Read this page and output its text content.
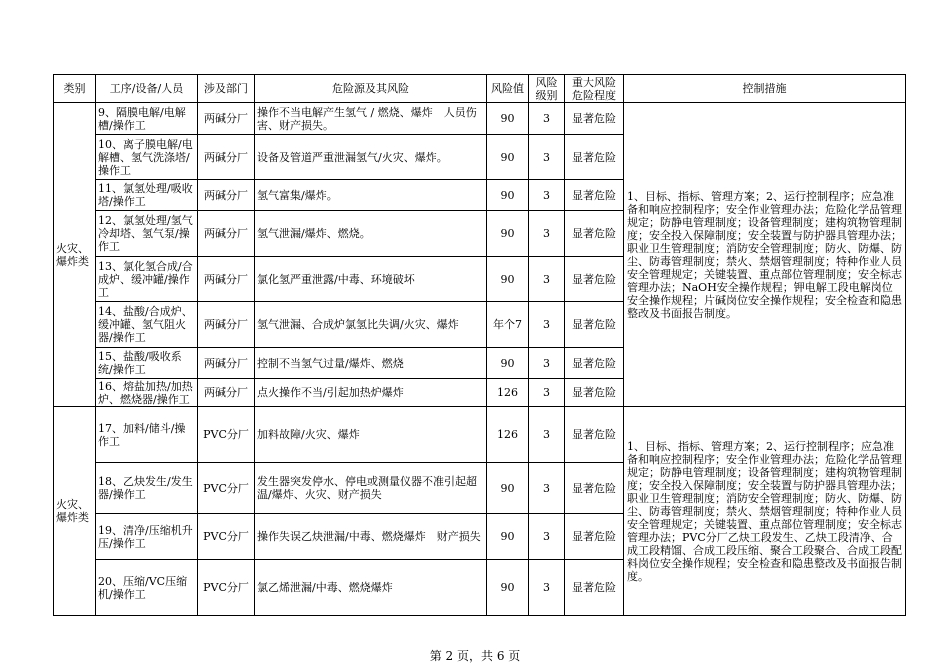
类别	工序/设备/人员	涉及部门	危险源及其风险	风险值	风险级别	重大风险危险程度	控制措施
火灾、爆炸类	9、隔膜电解/电解槽/操作工	两碱分厂	操作不当电解产生氢气 / 燃烧、爆炸　人员伤害、财产损失。	90	3	显著危险	1、目标、指标、管理方案；2、运行控制程序；应急准备和响应控制程序；安全作业管理办法；危险化学品管理规定；防静电管理制度；设备管理制度；建构筑物管理制度；安全投入保障制度；安全装置与防护器具管理办法；职业卫生管理制度；消防安全管理制度；防火、防爆、防尘、防毒管理制度；禁火、禁烟管理制度；特种作业人员安全管理规定；关键装置、重点部位管理制度；安全标志管理办法；NaOH安全操作规程；钾电解工段电解岗位安全操作规程；片碱岗位安全操作规程；安全检查和隐患整改及书面报告制度。
	10、离子膜电解/电解槽、氢气洗涤塔/操作工	两碱分厂	设备及管道严重泄漏氢气/火灾、爆炸。	90	3	显著危险	
	11、氯氢处理/吸收塔/操作工	两碱分厂	氢气富集/爆炸。	90	3	显著危险	
	12、氯氢处理/氢气冷却塔、氢气泵/操作工	两碱分厂	氢气泄漏/爆炸、燃烧。	90	3	显著危险	
	13、氯化氢合成/合成炉、缓冲罐/操作工	两碱分厂	氯化氢严重泄露/中毒、环境破坏	90	3	显著危险	
	14、盐酸/合成炉、缓冲罐、氢气阻火器/操作工	两碱分厂	氢气泄漏、合成炉氯氢比失调/火灾、爆炸	年个7	3	显著危险	
	15、盐酸/吸收系统/操作工	两碱分厂	控制不当氢气过量/爆炸、燃烧	90	3	显著危险	
	16、熔盐加热/加热炉、燃烧器/操作工	两碱分厂	点火操作不当/引起加热炉爆炸	126	3	显著危险	
火灾、爆炸类	17、加料/储斗/操作工	PVC分厂	加料故障/火灾、爆炸	126	3	显著危险	1、目标、指标、管理方案；2、运行控制程序；应急准备和响应控制程序；安全作业管理办法；危险化学品管理规定；防静电管理制度；设备管理制度；建构筑物管理制度；安全投入保障制度；安全装置与防护器具管理办法；职业卫生管理制度；消防安全管理制度；防火、防爆、防尘、防毒管理制度；禁火、禁烟管理制度；特种作业人员安全管理规定；关键装置、重点部位管理制度；安全标志管理办法；PVC分厂乙炔工段发生、乙炔工段清净、合成工段精馏、合成工段压缩、聚合工段聚合、合成工段配料岗位安全操作规程；安全检查和隐患整改及书面报告制度。
	18、乙炔发生/发生器/操作工	PVC分厂	发生器突发停水、停电或测量仪器不准引起超温/爆炸、火灾、财产损失	90	3	显著危险	
	19、清净/压缩机升压/操作工	PVC分厂	操作失误乙炔泄漏/中毒、燃烧爆炸　财产损失	90	3	显著危险	
	20、压缩/VC压缩机/操作工	PVC分厂	氯乙烯泄漏/中毒、燃烧爆炸	90	3	显著危险	
第 2 页，共 6 页
